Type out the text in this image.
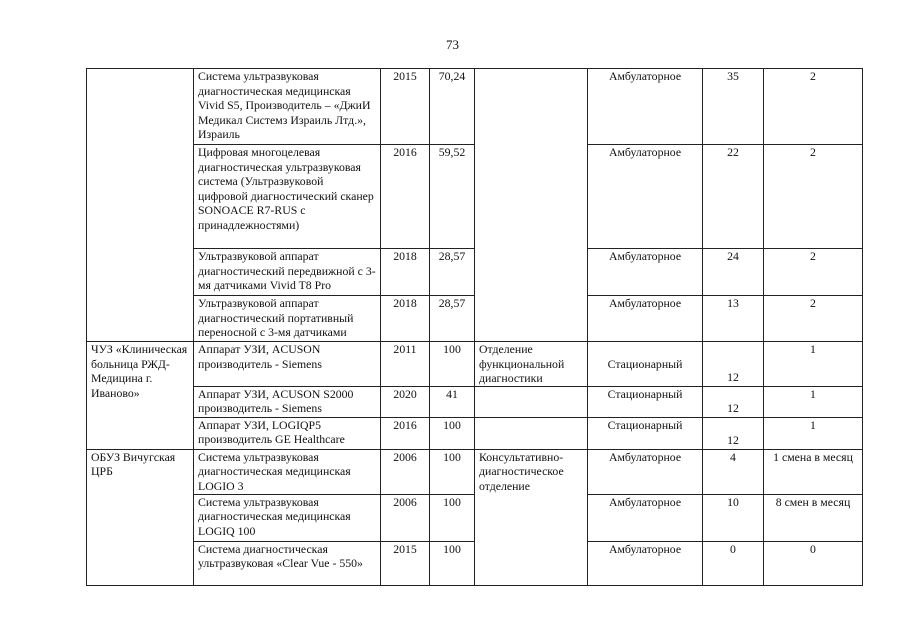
73
	Система ультразвуковая диагностическая медицинская Vivid S5, Производитель – «ДжиИ Медикал Системз Израиль Лтд.», Израиль	2015	70,24		Амбулаторное	35	2
	Цифровая многоцелевая диагностическая ультразвуковая система (Ультразвуковой цифровой диагностический сканер SONOACE R7-RUS с принадлежностями)	2016	59,52		Амбулаторное	22	2
	Ультразвуковой аппарат диагностический передвижной с 3-мя датчиками Vivid T8 Pro	2018	28,57		Амбулаторное	24	2
	Ультразвуковой аппарат диагностический портативный переносной с 3-мя датчиками	2018	28,57		Амбулаторное	13	2
ЧУЗ «Клиническая больница РЖД-Медицина г. Иваново»	Аппарат УЗИ, ACUSON производитель - Siemens	2011	100	Отделение функциональной диагностики	Стационарный	12	1
	Аппарат УЗИ, ACUSON S2000 производитель - Siemens	2020	41		Стационарный	12	1
	Аппарат УЗИ, LOGIQP5 производитель GE Healthcare	2016	100		Стационарный	12	1
ОБУЗ Вичугская ЦРБ	Система ультразвуковая диагностическая медицинская LOGIO 3	2006	100	Консультативно-диагностическое отделение	Амбулаторное	4	1 смена в месяц
	Система ультразвуковая диагностическая медицинская LOGIQ 100	2006	100		Амбулаторное	10	8 смен в месяц
	Система диагностическая ультразвуковая «Clear Vue - 550»	2015	100		Амбулаторное	0	0
